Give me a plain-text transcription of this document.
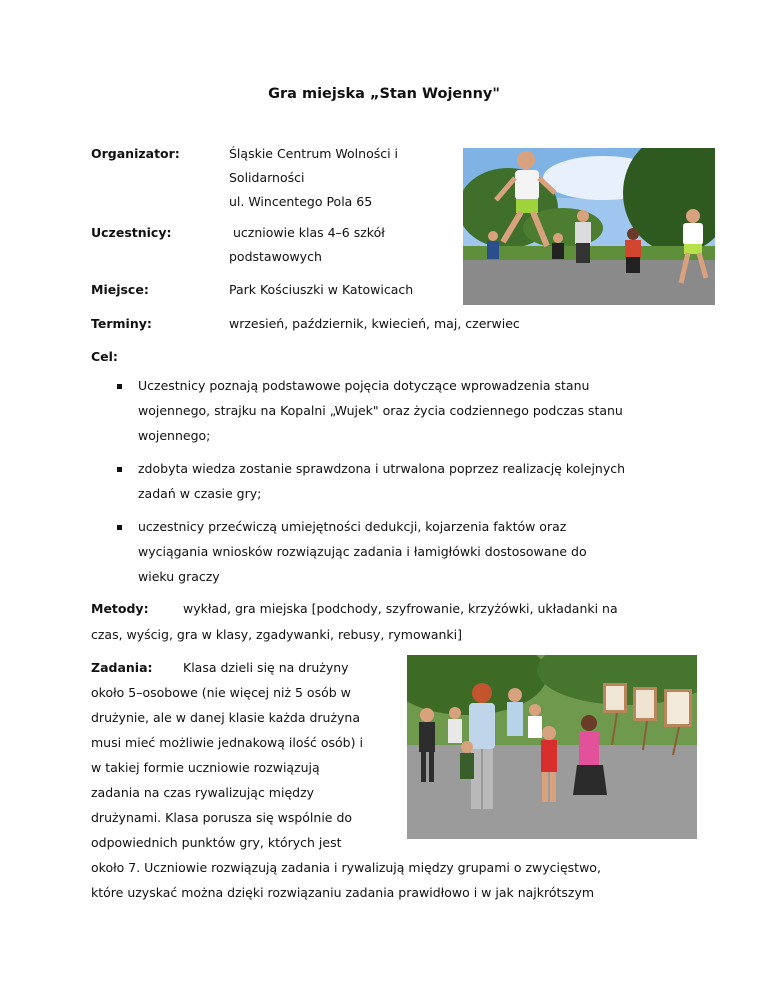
Gra miejska „Stan Wojenny"
Organizator:	Śląskie Centrum Wolności i
Solidarności
ul. Wincentego Pola 65
Uczestnicy:	uczniowie klas 4–6 szkół
podstawowych
Miejsce:	Park Kościuszki w Katowicach
Terminy:	wrzesień, październik, kwiecień, maj, czerwiec
Cel:
Uczestnicy poznają podstawowe pojęcia dotyczące wprowadzenia stanu
wojennego, strajku na Kopalni „Wujek" oraz życia codziennego podczas stanu
wojennego;
zdobyta wiedza zostanie sprawdzona i utrwalona poprzez realizację kolejnych
zadań w czasie gry;
uczestnicy przećwiczą umiejętności dedukcji, kojarzenia faktów oraz
wyciągania wniosków rozwiązując zadania i łamigłówki dostosowane do
wieku graczy
Metody:	wykład, gra miejska [podchody, szyfrowanie, krzyżówki, układanki na
czas, wyścig, gra w klasy, zgadywanki, rebusy, rymowanki]
Zadania: Klasa dzieli się na drużyny
około 5–osobowe (nie więcej niż 5 osób w
drużynie, ale w danej klasie każda drużyna
musi mieć możliwie jednakową ilość osób) i
w takiej formie uczniowie rozwiązują
zadania na czas rywalizując między
drużynami. Klasa porusza się wspólnie do
odpowiednich punktów gry, których jest
około 7. Uczniowie rozwiązują zadania i rywalizują między grupami o zwycięstwo,
które uzyskać można dzięki rozwiązaniu zadania prawidłowo i w jak najkrótszym
